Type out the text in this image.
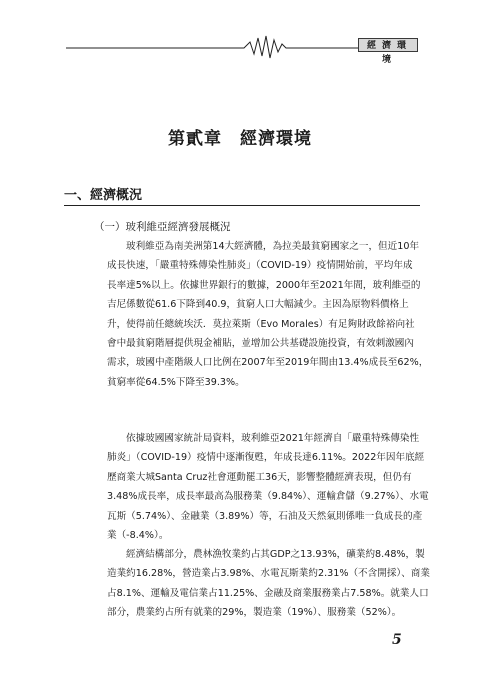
經濟環境
第貳章　經濟環境
一、經濟概況
（一）玻利維亞經濟發展概況

玻利維亞為南美洲第14大經濟體，為拉美最貧窮國家之一，但近10年
成長快速，「嚴重特殊傳染性肺炎」（COVID-19）疫情開始前，平均年成
長率達5%以上。依據世界銀行的數據，2000年至2021年間，玻利維亞的
吉尼係數從61.6下降到40.9，貧窮人口大幅減少。主因為原物料價格上
升，使得前任總統埃沃．莫拉萊斯（Evo Morales）有足夠財政餘裕向社
會中最貧窮階層提供現金補貼，並增加公共基礎設施投資，有效刺激國內
需求，玻國中產階級人口比例在2007年至2019年間由13.4%成長至62%，
貧窮率從64.5%下降至39.3%。

依據玻國國家統計局資料，玻利維亞2021年經濟自「嚴重特殊傳染性
肺炎」（COVID-19）疫情中逐漸復甦，年成長達6.11%。2022年因年底經
歷商業大城Santa Cruz社會運動罷工36天，影響整體經濟表現，但仍有
3.48%成長率，成長率最高為服務業（9.84%）、運輸倉儲（9.27%）、水電
瓦斯（5.74%）、金融業（3.89%）等，石油及天然氣則係唯一負成長的產
業（-8.4%）。

經濟結構部分，農林漁牧業約占其GDP之13.93%，礦業約8.48%，製
造業約16.28%，營造業占3.98%、水電瓦斯業約2.31%（不含開採）、商業
占8.1%、運輸及電信業占11.25%、金融及商業服務業占7.58%。就業人口
部分，農業約占所有就業的29%，製造業（19%）、服務業（52%）。

5
